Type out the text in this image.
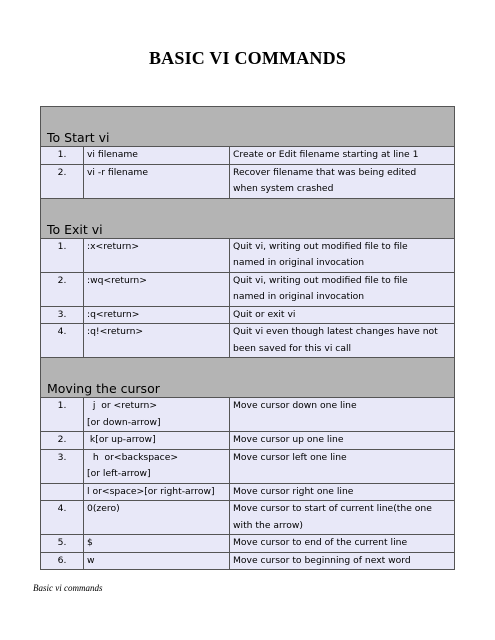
BASIC VI COMMANDS
To Start vi		
1.	vi filename	Create or Edit filename starting at line 1

2.	vi -r filename	Recover filename that was being edited
when system crashed

To Exit vi		
1.	:x<return>	Quit vi, writing out modified file to file
named in original invocation

2.	:wq<return>	Quit vi, writing out modified file to file
named in original invocation

3.	:q<return>	Quit or exit vi

4.	:q!<return>	Quit vi even though latest changes have not
been saved for this vi call

Moving the cursor		
1.	j  or <return>
[or down-arrow]	Move cursor down one line

2.	k[or up-arrow]	Move cursor up one line

3.	h  or<backspace>
[or left-arrow]	Move cursor left one line

	l or<space>[or right-arrow]	Move cursor right one line

4.	0(zero)	Move cursor to start of current line(the one
with the arrow)

5.	$	Move cursor to end of the current line

6.	w	Move cursor to beginning of next word
Basic vi commands
